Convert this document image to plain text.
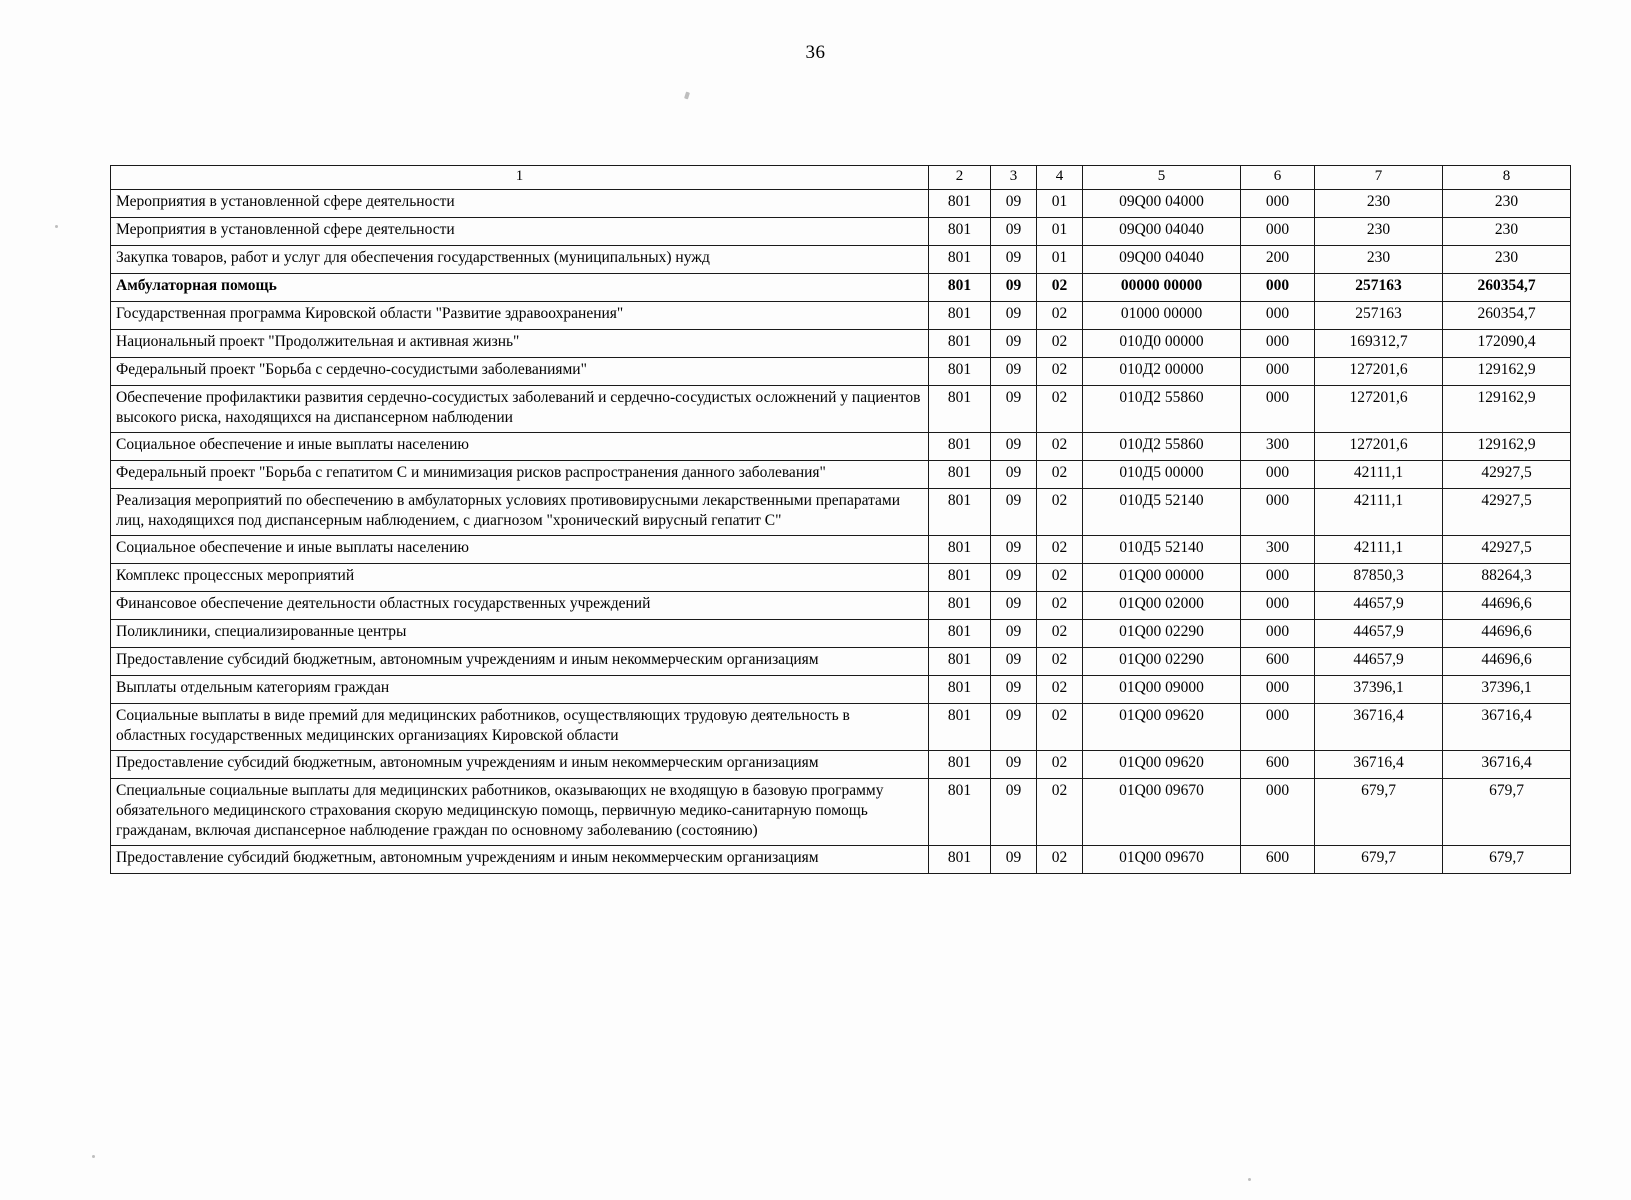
36
1	2	3	4	5	6	7	8
Мероприятия в установленной сфере деятельности	801	09	01	09Q00 04000	000	230	230
Мероприятия в установленной сфере деятельности	801	09	01	09Q00 04040	000	230	230
Закупка товаров, работ и услуг для обеспечения государственных (муниципальных) нужд	801	09	01	09Q00 04040	200	230	230
Амбулаторная помощь	801	09	02	00000 00000	000	257163	260354,7
Государственная программа Кировской области "Развитие здравоохранения"	801	09	02	01000 00000	000	257163	260354,7
Национальный проект "Продолжительная и активная жизнь"	801	09	02	010Д0 00000	000	169312,7	172090,4
Федеральный проект "Борьба с сердечно-сосудистыми заболеваниями"	801	09	02	010Д2 00000	000	127201,6	129162,9
Обеспечение профилактики развития сердечно-сосудистых заболеваний и сердечно-сосудистых осложнений у пациентов высокого риска, находящихся на диспансерном наблюдении	801	09	02	010Д2 55860	000	127201,6	129162,9
Социальное обеспечение и иные выплаты населению	801	09	02	010Д2 55860	300	127201,6	129162,9
Федеральный проект "Борьба с гепатитом С и минимизация рисков распространения данного заболевания"	801	09	02	010Д5 00000	000	42111,1	42927,5
Реализация мероприятий по обеспечению в амбулаторных условиях противовирусными лекарственными препаратами лиц, находящихся под диспансерным наблюдением, с диагнозом "хронический вирусный гепатит С"	801	09	02	010Д5 52140	000	42111,1	42927,5
Социальное обеспечение и иные выплаты населению	801	09	02	010Д5 52140	300	42111,1	42927,5
Комплекс процессных мероприятий	801	09	02	01Q00 00000	000	87850,3	88264,3
Финансовое обеспечение деятельности областных государственных учреждений	801	09	02	01Q00 02000	000	44657,9	44696,6
Поликлиники, специализированные центры	801	09	02	01Q00 02290	000	44657,9	44696,6
Предоставление субсидий бюджетным, автономным учреждениям и иным некоммерческим организациям	801	09	02	01Q00 02290	600	44657,9	44696,6
Выплаты отдельным категориям граждан	801	09	02	01Q00 09000	000	37396,1	37396,1
Социальные выплаты в виде премий для медицинских работников, осуществляющих трудовую деятельность в областных государственных медицинских организациях Кировской области	801	09	02	01Q00 09620	000	36716,4	36716,4
Предоставление субсидий бюджетным, автономным учреждениям и иным некоммерческим организациям	801	09	02	01Q00 09620	600	36716,4	36716,4
Специальные социальные выплаты для медицинских работников, оказывающих не входящую в базовую программу обязательного медицинского страхования скорую медицинскую помощь, первичную медико-санитарную помощь гражданам, включая диспансерное наблюдение граждан по основному заболеванию (состоянию)	801	09	02	01Q00 09670	000	679,7	679,7
Предоставление субсидий бюджетным, автономным учреждениям и иным некоммерческим организациям	801	09	02	01Q00 09670	600	679,7	679,7
